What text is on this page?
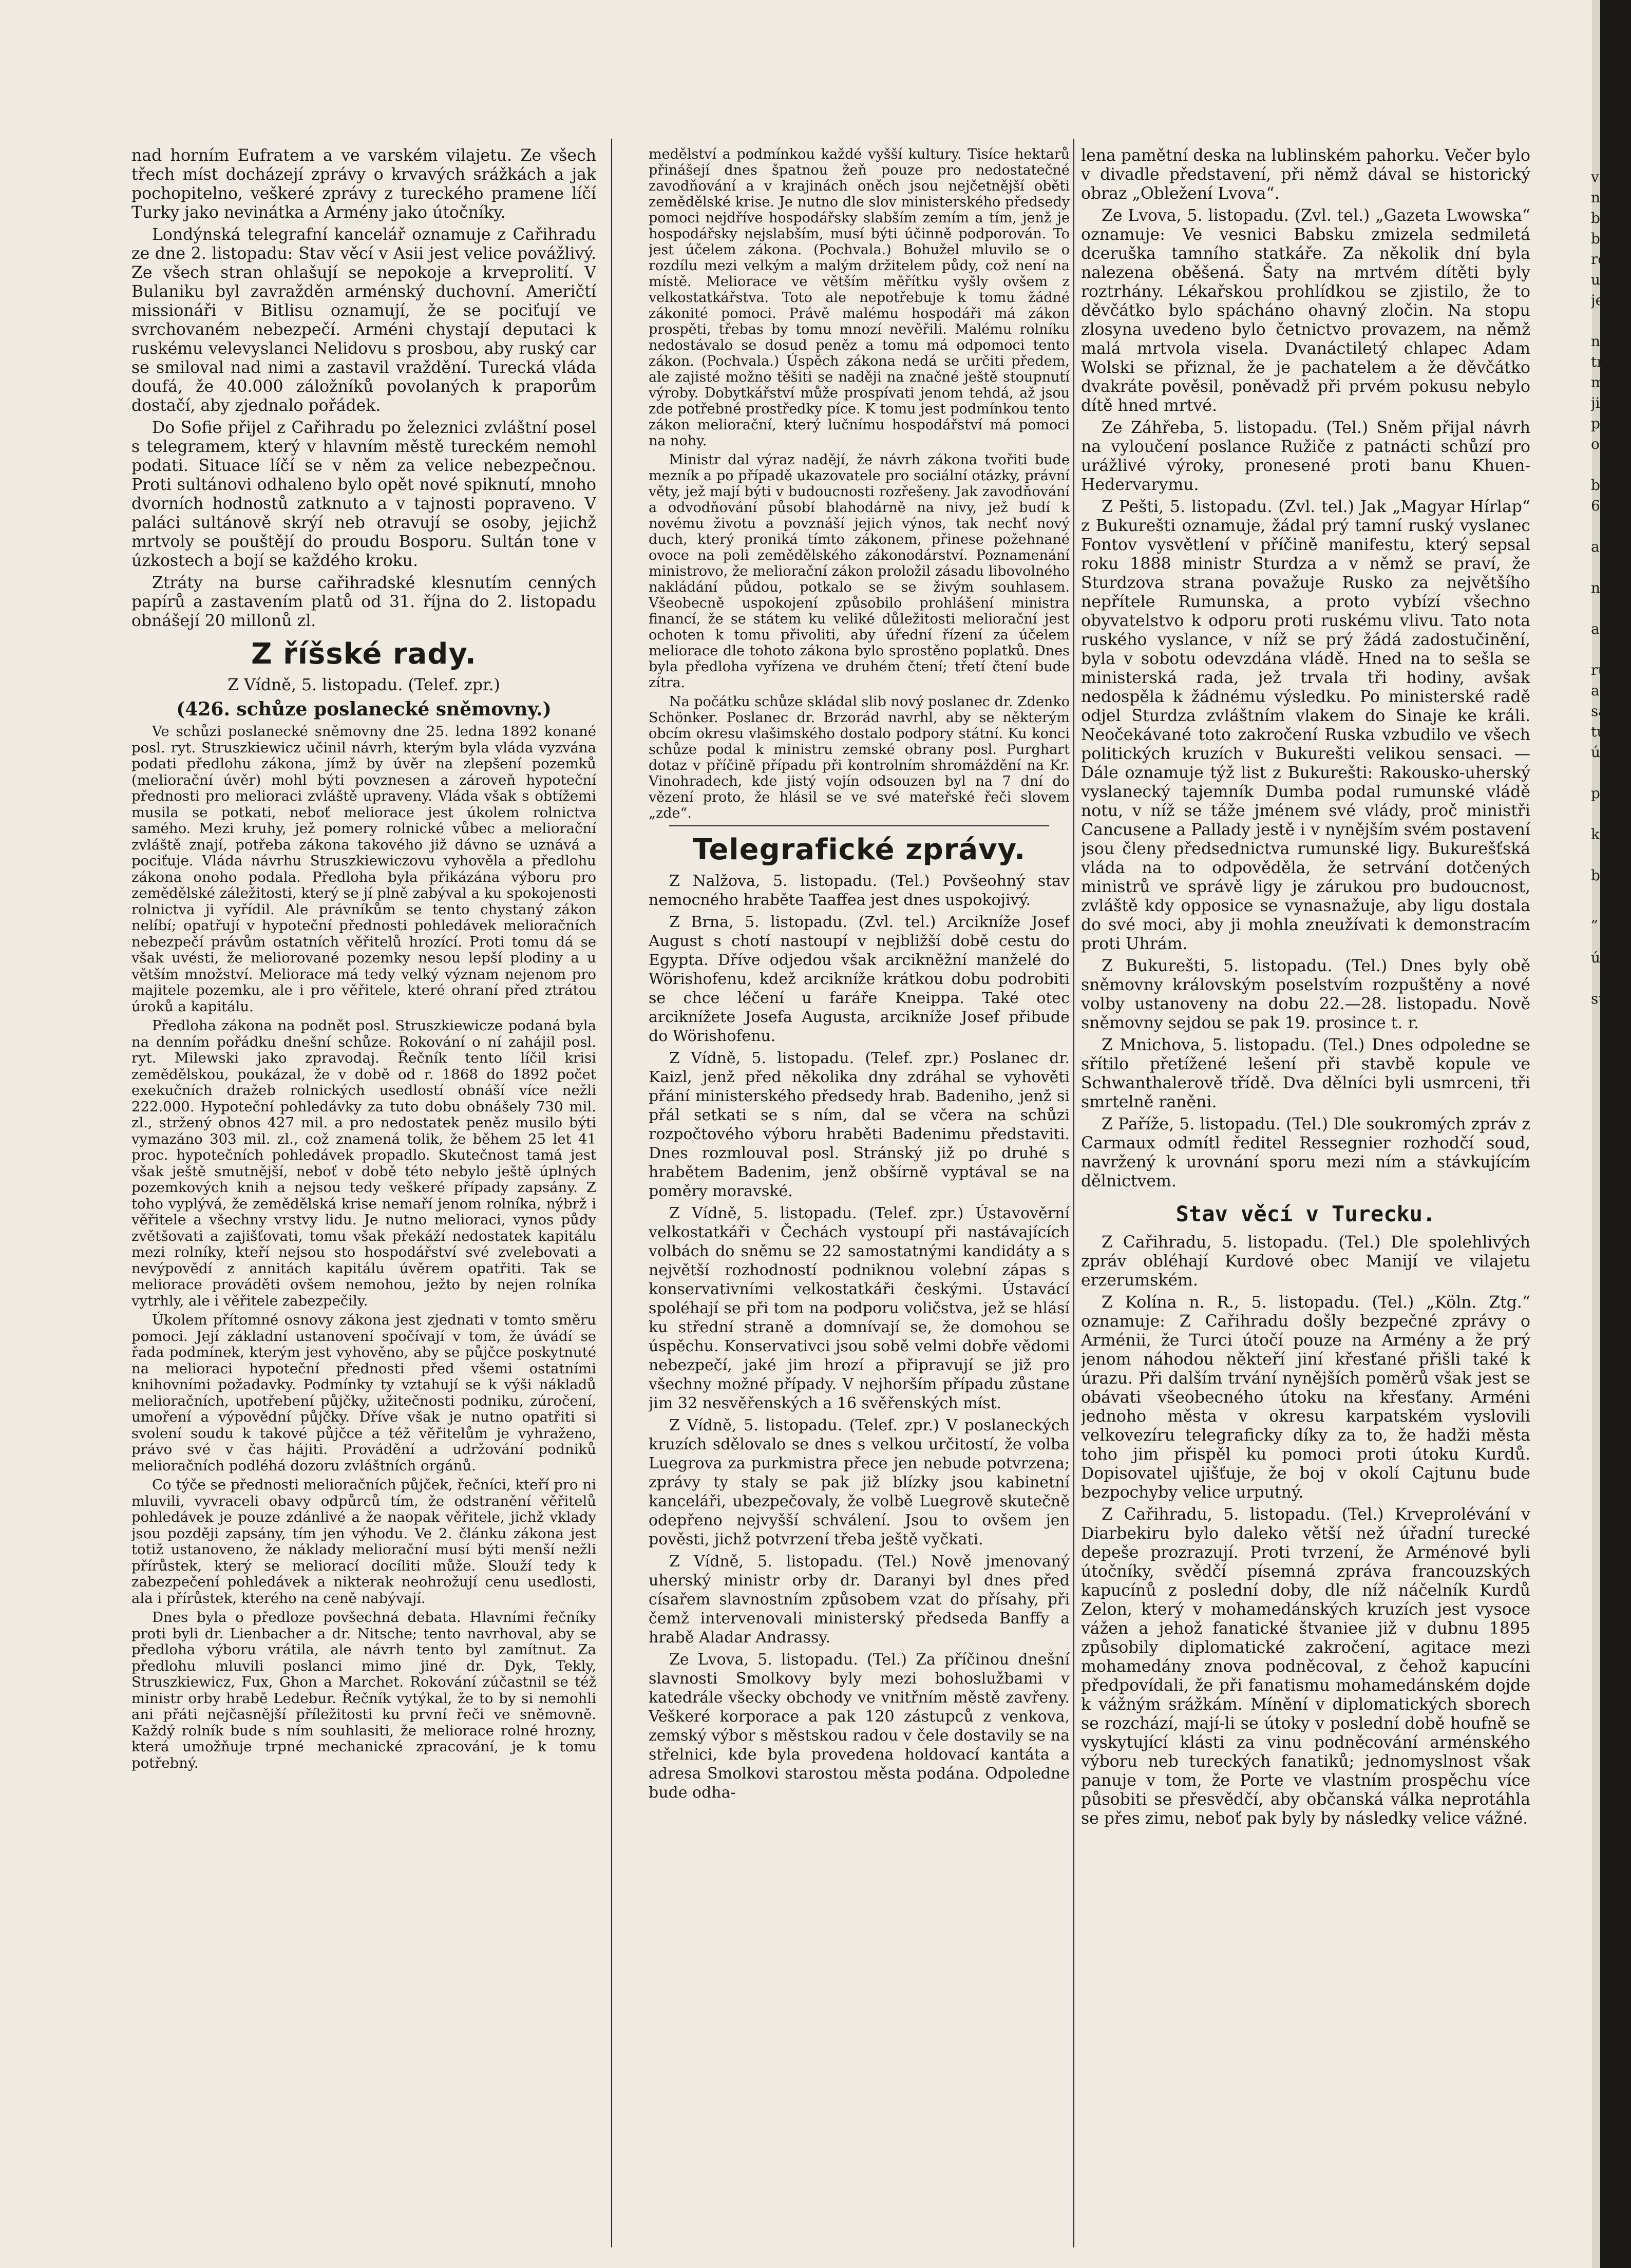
nad horním Eufratem a ve varském vilajetu. Ze všech třech míst docházejí zprávy o krvavých srážkách a jak pochopitelno, veškeré zprávy z tureckého pramene líčí Turky jako nevinátka a Armény jako útočníky.

Londýnská telegrafní kancelář oznamuje z Cařihradu ze dne 2. listopadu: Stav věcí v Asii jest velice povážlivý. Ze všech stran ohlašují se nepokoje a krveprolití. V Bulaniku byl zavražděn arménský duchovní. Američtí missionáři v Bitlisu oznamují, že se pociťují ve svrchovaném nebezpečí. Arméni chystají deputaci k ruskému velevyslanci Nelidovu s prosbou, aby ruský car se smiloval nad nimi a zastavil vraždění. Turecká vláda doufá, že 40.000 záložníků povolaných k praporům dostačí, aby zjednalo pořádek.

Do Sofie přijel z Cařihradu po železnici zvláštní posel s telegramem, který v hlavním městě tureckém nemohl podati. Situace líčí se v něm za velice nebezpečnou. Proti sultánovi odhaleno bylo opět nové spiknutí, mnoho dvorních hodnostů zatknuto a v tajnosti popraveno. V paláci sultánově skrýí neb otravují se osoby, jejichž mrtvoly se pouštějí do proudu Bosporu. Sultán tone v úzkostech a bojí se každého kroku.

Ztráty na burse cařihradské klesnutím cenných papírů a zastavením platů od 31. října do 2. listopadu obnášejí 20 millonů zl.

Z říšské rady.

Z Vídně, 5. listopadu. (Telef. zpr.)

(426. schůze poslanecké sněmovny.)

Ve schůzi poslanecké sněmovny dne 25. ledna 1892 konané posl. ryt. Struszkiewicz učinil návrh, kterým byla vláda vyzvána podati předlohu zákona, jímž by úvěr na zlepšení pozemků (meliorační úvěr) mohl býti povznesen a zároveň hypoteční přednosti pro melioraci zvláště upraveny. Vláda však s obtížemi musila se potkati, neboť meliorace jest úkolem rolnictva samého. Mezi kruhy, jež pomery rolnické vůbec a meliorační zvláště znají, potřeba zákona takového již dávno se uznává a pociťuje. Vláda návrhu Struszkiewiczovu vyhověla a předlohu zákona onoho podala. Předloha byla přikázána výboru pro zemědělské záležitosti, který se jí plně zabýval a ku spokojenosti rolnictva ji vyřídil. Ale právníkům se tento chystaný zákon nelíbí; opatřují v hypoteční přednosti pohledávek melioračních nebezpečí právům ostatních věřitelů hrozící. Proti tomu dá se však uvésti, že meliorované pozemky nesou lepší plodiny a u větším množství. Meliorace má tedy velký význam nejenom pro majitele pozemku, ale i pro věřitele, které ohraní před ztrátou úroků a kapitálu.

Předloha zákona na podnět posl. Struszkiewicze podaná byla na denním pořádku dnešní schůze. Rokování o ní zahájil posl. ryt. Milewski jako zpravodaj. Řečník tento líčil krisi zemědělskou, poukázal, že v době od r. 1868 do 1892 počet exekučních dražeb rolnických usedlostí obnáší více nežli 222.000. Hypoteční pohledávky za tuto dobu obnášely 730 mil. zl., stržený obnos 427 mil. a pro nedostatek peněz musilo býti vymazáno 303 mil. zl., což znamená tolik, že během 25 let 41 proc. hypotečních pohledávek propadlo. Skutečnost tamá jest však ještě smutnější, neboť v době této nebylo ještě úplných pozemkových knih a nejsou tedy veškeré případy zapsány. Z toho vyplývá, že zemědělská krise nemaří jenom rolníka, nýbrž i věřitele a všechny vrstvy lidu. Je nutno melioraci, vynos půdy zvětšovati a zajišťovati, tomu však překáží nedostatek kapitálu mezi rolníky, kteří nejsou sto hospodářství své zvelebovati a nevýpovědí z annitách kapitálu úvěrem opatřiti. Tak se meliorace prováděti ovšem nemohou, ježto by nejen rolníka vytrhly, ale i věřitele zabezpečily.

Úkolem přítomné osnovy zákona jest zjednati v tomto směru pomoci. Její základní ustanovení spočívají v tom, že úvádí se řada podmínek, kterým jest vyhověno, aby se půjčce poskytnuté na melioraci hypoteční přednosti před všemi ostatními knihovními požadavky. Podmínky ty vztahují se k výši nákladů melioračních, upotřebení půjčky, užitečnosti podniku, zúročení, umoření a výpovědní půjčky. Dříve však je nutno opatřiti si svolení soudu k takové půjčce a též věřitelům je vyhraženo, právo své v čas hájiti. Provádění a udržování podniků melioračních podléhá dozoru zvláštních orgánů.

Co týče se přednosti melioračních půjček, řečníci, kteří pro ni mluvili, vyvraceli obavy odpůrců tím, že odstranění věřitelů pohledávek je pouze zdánlivé a že naopak věřitele, jichž vklady jsou později zapsány, tím jen výhodu. Ve 2. článku zákona jest totiž ustanoveno, že náklady meliorační musí býti menší nežli přírůstek, který se meliorací docíliti může. Slouží tedy k zabezpečení pohledávek a nikterak neohrožují cenu usedlosti, ala i přírůstek, kterého na ceně nabývají.

Dnes byla o předloze povšechná debata. Hlavními řečníky proti byli dr. Lienbacher a dr. Nitsche; tento navrhoval, aby se předloha výboru vrátila, ale návrh tento byl zamítnut. Za předlohu mluvili poslanci mimo jiné dr. Dyk, Tekly, Struszkiewicz, Fux, Ghon a Marchet. Rokování zúčastnil se též ministr orby hrabě Ledebur. Řečník vytýkal, že to by si nemohli ani přáti nejčasnější příležitosti ku první řeči ve sněmovně. Každý rolník bude s ním souhlasiti, že meliorace rolné hrozny, která umožňuje trpné mechanické zpracování, je k tomu potřebný.

medělství a podmínkou každé vyšší kultury. Tisíce hektarů přinášejí dnes špatnou žeň pouze pro nedostatečné zavodňování a v krajinách oněch jsou nejčetnější oběti zemědělské krise. Je nutno dle slov ministerského předsedy pomoci nejdříve hospodářsky slabším zemím a tím, jenž je hospodářsky nejslabším, musí býti účinně podporován. To jest účelem zákona. (Pochvala.) Bohužel mluvilo se o rozdílu mezi velkým a malým držitelem půdy, což není na místě. Meliorace ve větším měřítku vyšly ovšem z velkostatkářstva. Toto ale nepotřebuje k tomu žádné zákonité pomoci. Právě malému hospodáři má zákon prospěti, třebas by tomu mnozí nevěřili. Malému rolníku nedostávalo se dosud peněz a tomu má odpomoci tento zákon. (Pochvala.) Úspěch zákona nedá se určiti předem, ale zajisté možno těšiti se naději na značné ještě stoupnutí výroby. Dobytkářství může prospívati jenom tehdá, až jsou zde potřebné prostředky píce. K tomu jest podmínkou tento zákon meliorační, který lučnímu hospodářství má pomoci na nohy.

Ministr dal výraz nadějí, že návrh zákona tvořiti bude mezník a po případě ukazovatele pro sociální otázky, právní věty, jež mají býti v budoucnosti rozřešeny. Jak zavodňování a odvodňování působí blahodárně na nivy, jež budí k novému životu a povznáší jejich výnos, tak nechť nový duch, který proniká tímto zákonem, přinese požehnané ovoce na poli zemědělského zákonodárství. Poznamenání ministrovo, že meliorační zákon proložil zásadu libovolného nakládání půdou, potkalo se se živým souhlasem. Všeobecně uspokojení způsobilo prohlášení ministra financí, že se státem ku veliké důležitosti meliorační jest ochoten k tomu přivoliti, aby úřední řízení za účelem meliorace dle tohoto zákona bylo sprostěno poplatků. Dnes byla předloha vyřízena ve druhém čtení; třetí čtení bude zítra.

Na počátku schůze skládal slib nový poslanec dr. Zdenko Schönker. Poslanec dr. Brzorád navrhl, aby se některým obcím okresu vlašimského dostalo podpory státní. Ku konci schůze podal k ministru zemské obrany posl. Purghart dotaz v příčině případu při kontrolním shromáždění na Kr. Vinohradech, kde jistý vojín odsouzen byl na 7 dní do vězení proto, že hlásil se ve své mateřské řeči slovem „zde“.

Telegrafické zprávy.

Z Nalžova, 5. listopadu. (Tel.) Povšeohný stav nemocného hraběte Taaffea jest dnes uspokojivý.

Z Brna, 5. listopadu. (Zvl. tel.) Arcikníže Josef August s chotí nastoupí v nejbližší době cestu do Egypta. Dříve odjedou však arcikněžní manželé do Wörishofenu, kdež arcikníže krátkou dobu podrobiti se chce léčení u faráře Kneippa. Také otec arciknížete Josefa Augusta, arcikníže Josef přibude do Wörishofenu.

Z Vídně, 5. listopadu. (Telef. zpr.) Poslanec dr. Kaizl, jenž před několika dny zdráhal se vyhověti přání ministerského předsedy hrab. Badeniho, jenž si přál setkati se s ním, dal se včera na schůzi rozpočtového výboru hraběti Badenimu představiti. Dnes rozmlouval posl. Stránský již po druhé s hrabětem Badenim, jenž obšírně vyptával se na poměry moravské.

Z Vídně, 5. listopadu. (Telef. zpr.) Ústavověrní velkostatkáři v Čechách vystoupí při nastávajících volbách do sněmu se 22 samostatnými kandidáty a s největší rozhodností podniknou volební zápas s konservativními velkostatkáři českými. Ústavácí spoléhají se při tom na podporu voličstva, jež se hlásí ku střední straně a domnívají se, že domohou se úspěchu. Konservativci jsou sobě velmi dobře vědomi nebezpečí, jaké jim hrozí a připravují se již pro všechny možné případy. V nejhorším případu zůstane jim 32 nesvěřenských a 16 svěřenských míst.

Z Vídně, 5. listopadu. (Telef. zpr.) V poslaneckých kruzích sdělovalo se dnes s velkou určitostí, že volba Luegrova za purkmistra přece jen nebude potvrzena; zprávy ty staly se pak již blízky jsou kabinetní kanceláři, ubezpečovaly, že volbě Luegrově skutečně odepřeno nejvyšší schválení. Jsou to ovšem jen pověsti, jichž potvrzení třeba ještě vyčkati.

Z Vídně, 5. listopadu. (Tel.) Nově jmenovaný uherský ministr orby dr. Daranyi byl dnes před císařem slavnostním způsobem vzat do přísahy, při čemž intervenovali ministerský předseda Banffy a hrabě Aladar Andrassy.

Ze Lvova, 5. listopadu. (Tel.) Za příčinou dnešní slavnosti Smolkovy byly mezi bohoslužbami v katedrále všecky obchody ve vnitřním městě zavřeny. Veškeré korporace a pak 120 zástupců z venkova, zemský výbor s městskou radou v čele dostavily se na střelnici, kde byla provedena holdovací kantáta a adresa Smolkovi starostou města podána. Odpoledne bude odha-

lena pamětní deska na lublinském pahorku. Večer bylo v divadle představení, při němž dával se historický obraz „Obležení Lvova“.

Ze Lvova, 5. listopadu. (Zvl. tel.) „Gazeta Lwowska“ oznamuje: Ve vesnici Babsku zmizela sedmiletá dceruška tamního statkáře. Za několik dní byla nalezena oběšená. Šaty na mrtvém dítěti byly roztrhány. Lékařskou prohlídkou se zjistilo, že to děvčátko bylo spácháno ohavný zločin. Na stopu zlosyna uvedeno bylo četnictvo provazem, na němž malá mrtvola visela. Dvanáctiletý chlapec Adam Wolski se přiznal, že je pachatelem a že děvčátko dvakráte pověsil, poněvadž při prvém pokusu nebylo dítě hned mrtvé.

Ze Záhřeba, 5. listopadu. (Tel.) Sněm přijal návrh na vyloučení poslance Ružiče z patnácti schůzí pro urážlivé výroky, pronesené proti banu Khuen-Hedervarymu.

Z Pešti, 5. listopadu. (Zvl. tel.) Jak „Magyar Hírlap“ z Bukurešti oznamuje, žádal prý tamní ruský vyslanec Fontov vysvětlení v příčině manifestu, který sepsal roku 1888 ministr Sturdza a v němž se praví, že Sturdzova strana považuje Rusko za největšího nepřítele Rumunska, a proto vybízí všechno obyvatelstvo k odporu proti ruskému vlivu. Tato nota ruského vyslance, v níž se prý žádá zadostučinění, byla v sobotu odevzdána vládě. Hned na to sešla se ministerská rada, jež trvala tři hodiny, avšak nedospěla k žádnému výsledku. Po ministerské radě odjel Sturdza zvláštním vlakem do Sinaje ke králi. Neočekávané toto zakročení Ruska vzbudilo ve všech politických kruzích v Bukurešti velikou sensaci. — Dále oznamuje týž list z Bukurešti: Rakousko-uherský vyslanecký tajemník Dumba podal rumunské vládě notu, v níž se táže jménem své vlády, proč ministři Cancusene a Pallady jestě i v nynějším svém postavení jsou členy předsednictva rumunské ligy. Bukurešťská vláda na to odpověděla, že setrvání dotčených ministrů ve správě ligy je zárukou pro budoucnost, zvláště kdy opposice se vynasnažuje, aby ligu dostala do své moci, aby ji mohla zneužívati k demonstracím proti Uhrám.

Z Bukurešti, 5. listopadu. (Tel.) Dnes byly obě sněmovny královským poselstvím rozpuštěny a nové volby ustanoveny na dobu 22.—28. listopadu. Nově sněmovny sejdou se pak 19. prosince t. r.

Z Mnichova, 5. listopadu. (Tel.) Dnes odpoledne se sřítilo přetížené lešení při stavbě kopule ve Schwanthalerově třídě. Dva dělníci byli usmrceni, tři smrtelně raněni.

Z Paříže, 5. listopadu. (Tel.) Dle soukromých zpráv z Carmaux odmítl ředitel Ressegnier rozhodčí soud, navržený k urovnání sporu mezi ním a stávkujícím dělnictvem.

Stav věcí v Turecku.

Z Cařihradu, 5. listopadu. (Tel.) Dle spolehlivých zpráv obléhají Kurdové obec Manijí ve vilajetu erzerumském.

Z Kolína n. R., 5. listopadu. (Tel.) „Köln. Ztg.“ oznamuje: Z Cařihradu došly bezpečné zprávy o Arménii, že Turci útočí pouze na Armény a že prý jenom náhodou někteří jiní křesťané přišli také k úrazu. Při dalším trvání nynějších poměrů však jest se obávati všeobecného útoku na křesťany. Arméni jednoho města v okresu karpatském vyslovili velkovezíru telegraficky díky za to, že hadži města toho jim přispěl ku pomoci proti útoku Kurdů. Dopisovatel ujišťuje, že boj v okolí Cajtunu bude bezpochyby velice urputný.

Z Cařihradu, 5. listopadu. (Tel.) Krveprolévání v Diarbekiru bylo daleko větší než úřadní turecké depeše prozrazují. Proti tvrzení, že Arménové byli útočníky, svědčí písemná zpráva francouzských kapucínů z poslední doby, dle níž náčelník Kurdů Zelon, který v mohamedánských kruzích jest vysoce vážen a jehož fanatické štvaniee již v dubnu 1895 způsobily diplomatické zakročení, agitace mezi mohamedány znova podněcoval, z čehož kapucíni předpovídali, že při fanatismu mohamedánském dojde k vážným srážkám. Mínění v diplomatických sborech se rozchází, mají-li se útoky v poslední době houfně se vyskytující klásti za vinu podněcování arménského výboru neb tureckých fanatiků; jednomyslnost však panuje v tom, že Porte ve vlastním prospěchu více působiti se přesvědčí, aby občanská válka neprotáhla se přes zimu, neboť pak byly by následky velice vážné.

valo
nilců
byli
budo
rech
uděle
ještě

ny
trest
milo
jim
pror
opu

byte
6 n

a p

ni

a p

rus
a
sar
tuč
ú

pr

ke

by

„

ú

su
